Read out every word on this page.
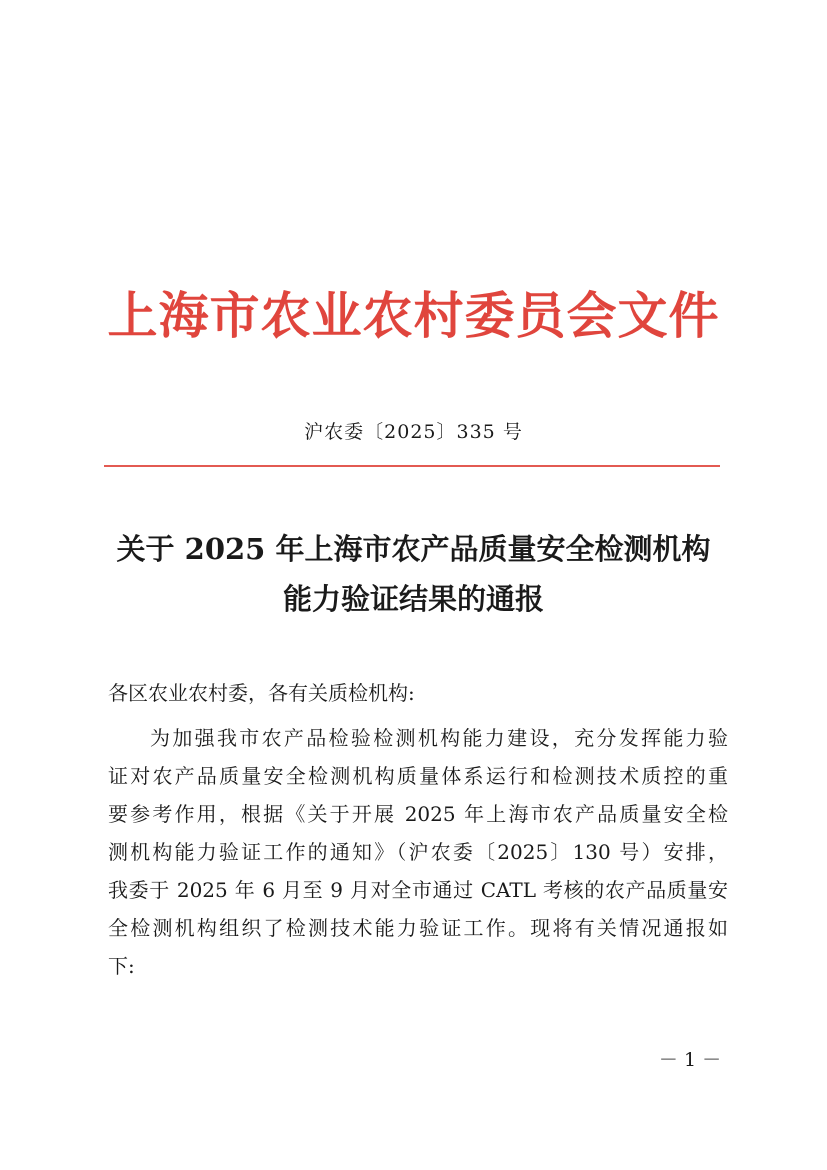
上海市农业农村委员会文件
沪农委〔2025〕335 号
关于 2025 年上海市农产品质量安全检测机构
能力验证结果的通报
各区农业农村委，各有关质检机构:
为加强我市农产品检验检测机构能力建设，充分发挥能力验
证对农产品质量安全检测机构质量体系运行和检测技术质控的重
要参考作用，根据《关于开展 2025 年上海市农产品质量安全检
测机构能力验证工作的通知》（沪农委〔2025〕130 号）安排，
我委于 2025 年 6 月至 9 月对全市通过 CATL 考核的农产品质量安
全检测机构组织了检测技术能力验证工作。现将有关情况通报如
下:
－ 1 －
